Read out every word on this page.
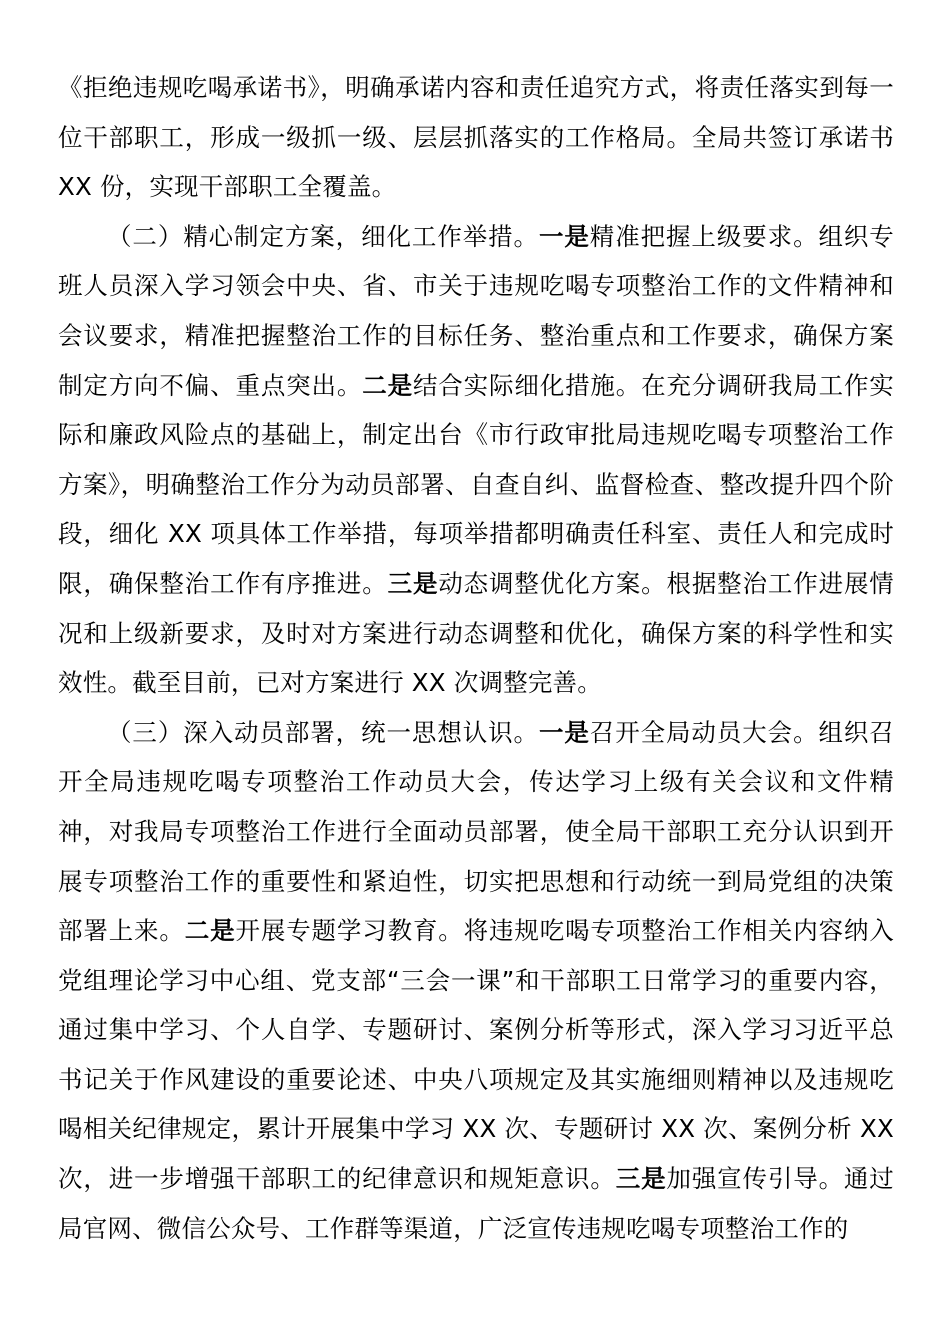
《拒绝违规吃喝承诺书》，明确承诺内容和责任追究方式，将责任落实到每一位干部职工，形成一级抓一级、层层抓落实的工作格局。全局共签订承诺书 XX 份，实现干部职工全覆盖。

（二）精心制定方案，细化工作举措。一是精准把握上级要求。组织专班人员深入学习领会中央、省、市关于违规吃喝专项整治工作的文件精神和会议要求，精准把握整治工作的目标任务、整治重点和工作要求，确保方案制定方向不偏、重点突出。二是结合实际细化措施。在充分调研我局工作实际和廉政风险点的基础上，制定出台《市行政审批局违规吃喝专项整治工作方案》，明确整治工作分为动员部署、自查自纠、监督检查、整改提升四个阶段，细化 XX 项具体工作举措，每项举措都明确责任科室、责任人和完成时限，确保整治工作有序推进。三是动态调整优化方案。根据整治工作进展情况和上级新要求，及时对方案进行动态调整和优化，确保方案的科学性和实效性。截至目前，已对方案进行 XX 次调整完善。

（三）深入动员部署，统一思想认识。一是召开全局动员大会。组织召开全局违规吃喝专项整治工作动员大会，传达学习上级有关会议和文件精神，对我局专项整治工作进行全面动员部署，使全局干部职工充分认识到开展专项整治工作的重要性和紧迫性，切实把思想和行动统一到局党组的决策部署上来。二是开展专题学习教育。将违规吃喝专项整治工作相关内容纳入党组理论学习中心组、党支部“三会一课”和干部职工日常学习的重要内容，通过集中学习、个人自学、专题研讨、案例分析等形式，深入学习习近平总书记关于作风建设的重要论述、中央八项规定及其实施细则精神以及违规吃喝相关纪律规定，累计开展集中学习 XX 次、专题研讨 XX 次、案例分析 XX 次，进一步增强干部职工的纪律意识和规矩意识。三是加强宣传引导。通过局官网、微信公众号、工作群等渠道，广泛宣传违规吃喝专项整治工作的
